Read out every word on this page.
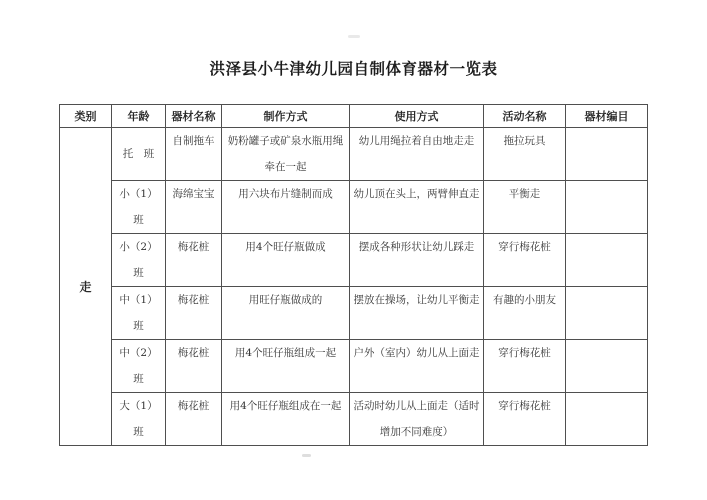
洪泽县小牛津幼儿园自制体育器材一览表
类别	年龄	器材名称	制作方式	使用方式	活动名称	器材编目
走	托　班	自制拖车	奶粉罐子或矿泉水瓶用绳牵在一起	幼儿用绳拉着自由地走走	拖拉玩具	
	小（1）班	海绵宝宝	用六块布片缝制而成	幼儿顶在头上，两臂伸直走	平衡走	
	小（2）班	梅花桩	用4个旺仔瓶做成	摆成各种形状让幼儿踩走	穿行梅花桩	
	中（1）班	梅花桩	用旺仔瓶做成的	摆放在操场，让幼儿平衡走	有趣的小朋友	
	中（2）班	梅花桩	用4个旺仔瓶组成一起	户外（室内）幼儿从上面走	穿行梅花桩	
	大（1）班	梅花桩	用4个旺仔瓶组成在一起	活动时幼儿从上面走（适时增加不同难度）	穿行梅花桩	
